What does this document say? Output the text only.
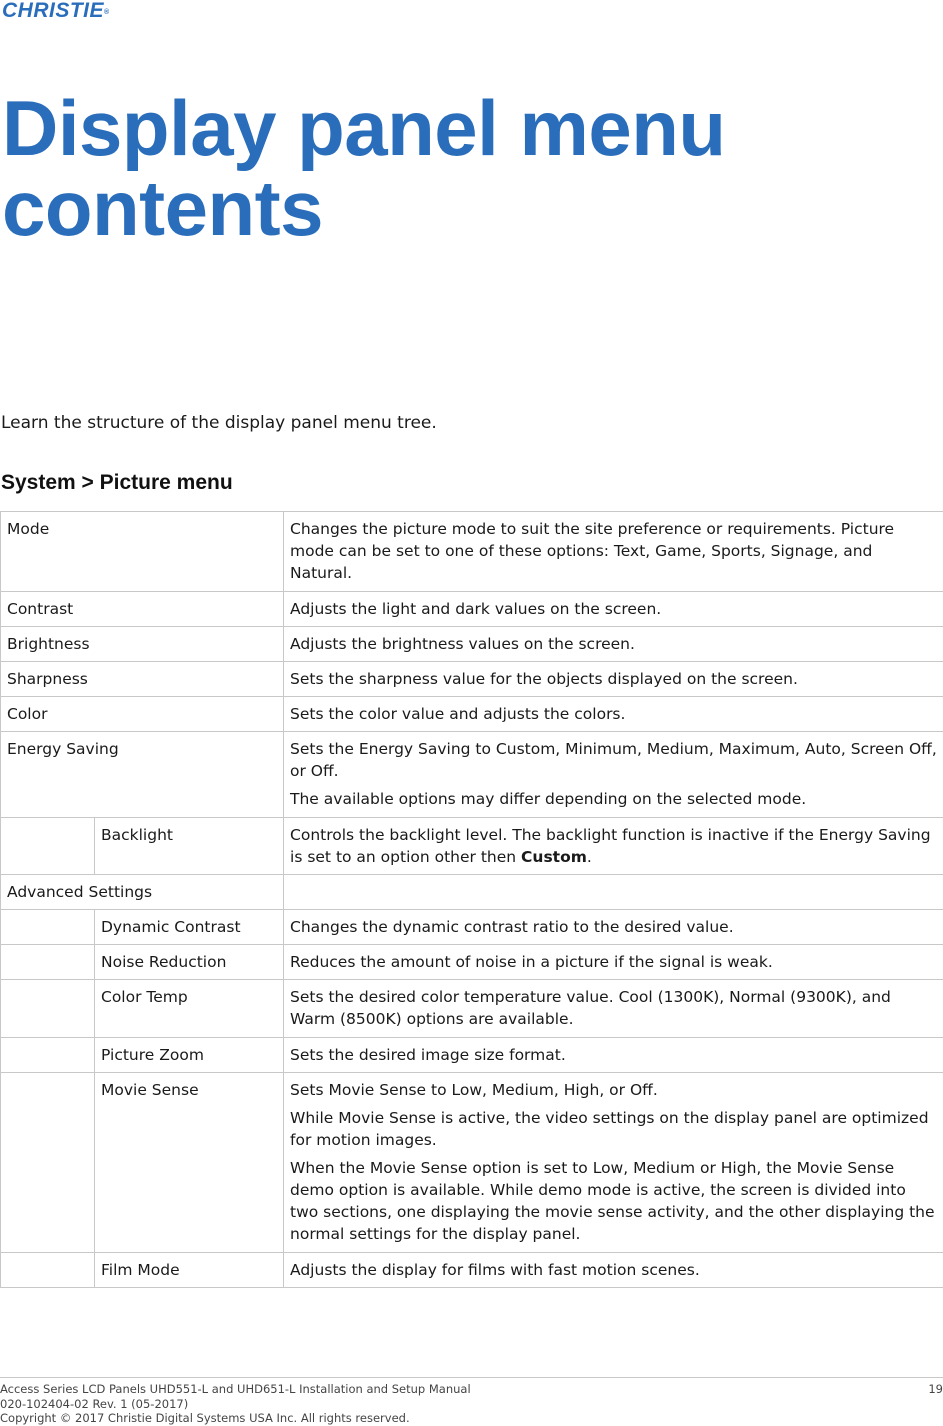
CHRISTIE®
Display panel menu
contents

Learn the structure of the display panel menu tree.

System > Picture menu
Mode		Changes the picture mode to suit the site preference or requirements. Picture mode can be set to one of these options: Text, Game, Sports, Signage, and Natural.
Contrast		Adjusts the light and dark values on the screen.
Brightness		Adjusts the brightness values on the screen.
Sharpness		Sets the sharpness value for the objects displayed on the screen.
Color		Sets the color value and adjusts the colors.
Energy Saving		Sets the Energy Saving to Custom, Minimum, Medium, Maximum, Auto, Screen Off, or Off.

The available options may differ depending on the selected mode.

	Backlight	Controls the backlight level. The backlight function is inactive if the Energy Saving is set to an option other then Custom.
Advanced Settings		
	Dynamic Contrast	Changes the dynamic contrast ratio to the desired value.
	Noise Reduction	Reduces the amount of noise in a picture if the signal is weak.
	Color Temp	Sets the desired color temperature value. Cool (1300K), Normal (9300K), and Warm (8500K) options are available.
	Picture Zoom	Sets the desired image size format.
	Movie Sense	Sets Movie Sense to Low, Medium, High, or Off.

While Movie Sense is active, the video settings on the display panel are optimized for motion images.

When the Movie Sense option is set to Low, Medium or High, the Movie Sense demo option is available. While demo mode is active, the screen is divided into two sections, one displaying the movie sense activity, and the other displaying the normal settings for the display panel.

	Film Mode	Adjusts the display for films with fast motion scenes.
Access Series LCD Panels UHD551-L and UHD651-L Installation and Setup Manual
020-102404-02 Rev. 1 (05-2017)
Copyright © 2017 Christie Digital Systems USA Inc. All rights reserved.
19
